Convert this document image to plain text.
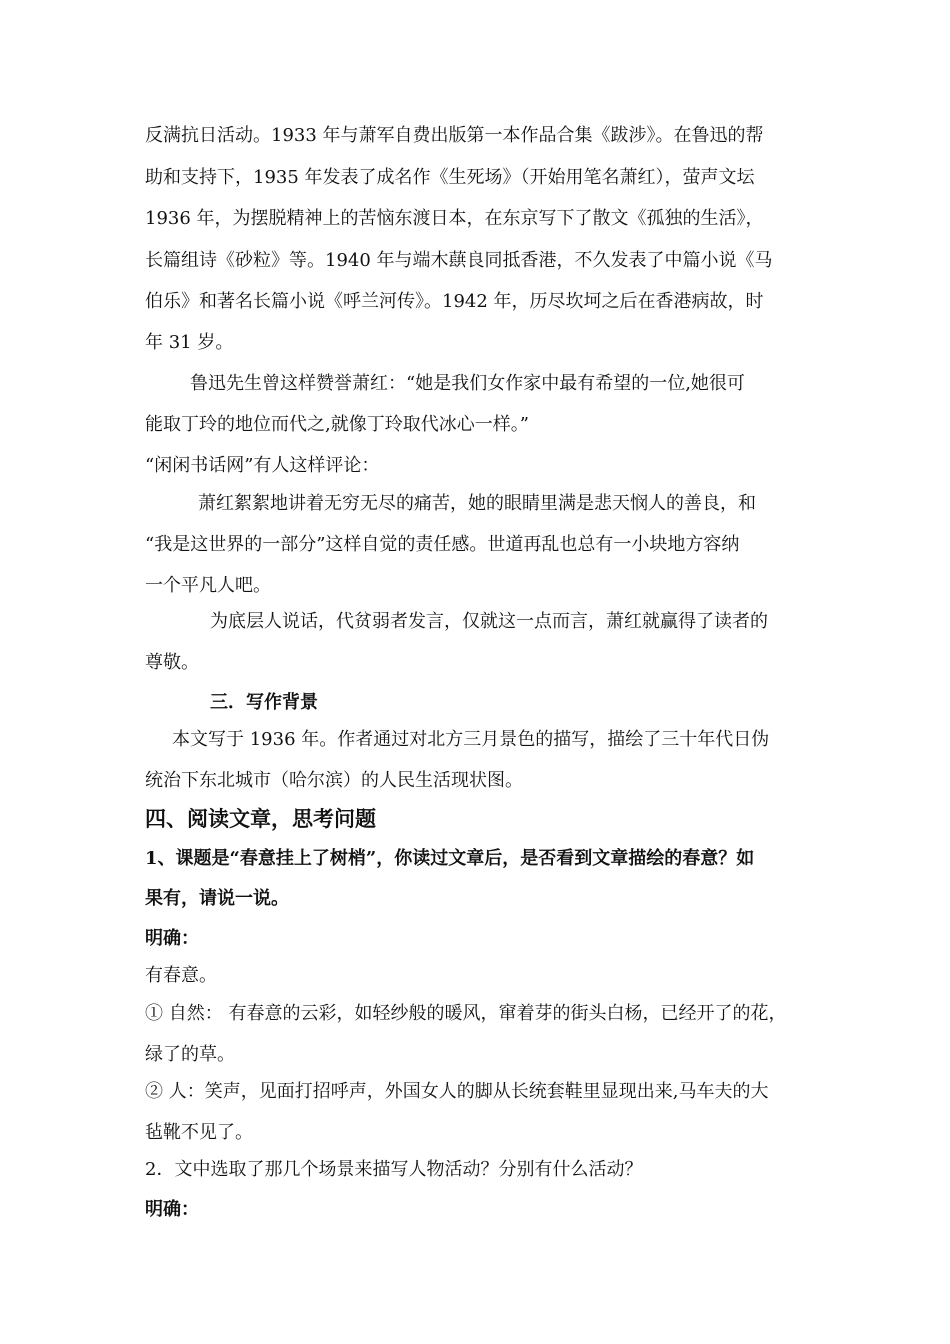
反满抗日活动。1933 年与萧军自费出版第一本作品合集《跋涉》。在鲁迅的帮
助和支持下，1935 年发表了成名作《生死场》（开始用笔名萧红），萤声文坛
1936 年，为摆脱精神上的苦恼东渡日本，在东京写下了散文《孤独的生活》，
长篇组诗《砂粒》等。1940 年与端木蕻良同抵香港，不久发表了中篇小说《马
伯乐》和著名长篇小说《呼兰河传》。1942 年，历尽坎坷之后在香港病故，时
年 31 岁。
鲁迅先生曾这样赞誉萧红：“她是我们女作家中最有希望的一位,她很可
能取丁玲的地位而代之,就像丁玲取代冰心一样。”
“闲闲书话网”有人这样评论：
萧红絮絮地讲着无穷无尽的痛苦，她的眼睛里满是悲天悯人的善良，和
“我是这世界的一部分”这样自觉的责任感。世道再乱也总有一小块地方容纳
一个平凡人吧。
为底层人说话，代贫弱者发言，仅就这一点而言，萧红就赢得了读者的
尊敬。
三．写作背景
本文写于 1936 年。作者通过对北方三月景色的描写，描绘了三十年代日伪
统治下东北城市（哈尔滨）的人民生活现状图。
四、阅读文章，思考问题
1、课题是“春意挂上了树梢”，你读过文章后，是否看到文章描绘的春意？如
果有，请说一说。
明确：
有春意。
① 自然： 有春意的云彩，如轻纱般的暖风，窜着芽的街头白杨，已经开了的花，
绿了的草。
② 人：笑声，见面打招呼声，外国女人的脚从长统套鞋里显现出来,马车夫的大
毡靴不见了。
2．文中选取了那几个场景来描写人物活动？分别有什么活动？
明确：
